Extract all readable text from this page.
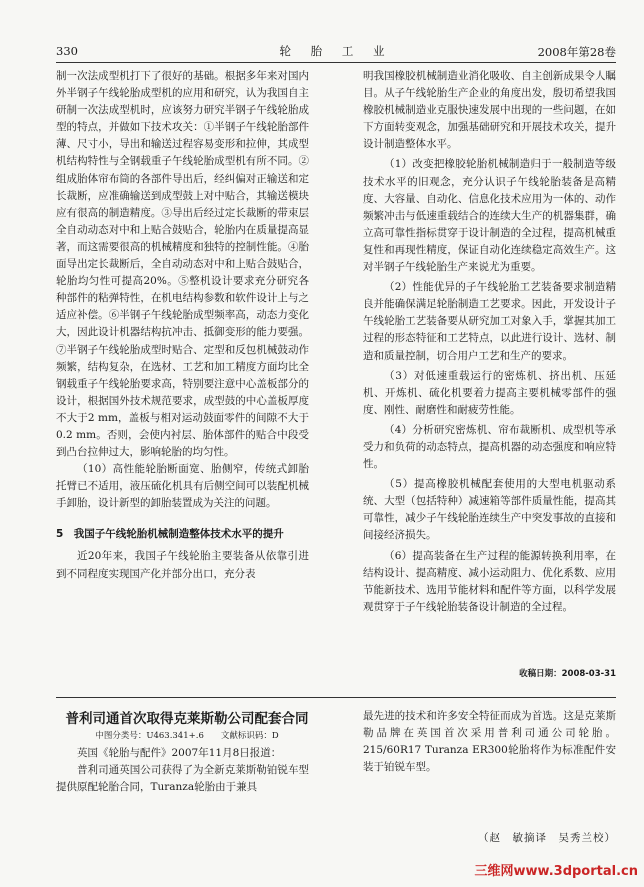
330	轮 胎 工 业	2008年第28卷

制一次法成型机打下了很好的基础。根据多年来对国内外半钢子午线轮胎成型机的应用和研究，认为我国自主研制一次法成型机时，应该努力研究半钢子午线轮胎成型的特点，并做如下技术攻关：①半钢子午线轮胎部件薄、尺寸小，导出和输送过程容易变形和拉伸，其成型机结构特性与全钢载重子午线轮胎成型机有所不同。②组成胎体帘布筒的各部件导出后，经纠偏对正输送和定长裁断，应准确输送到成型鼓上对中贴合，其输送模块应有很高的制造精度。③导出后经过定长裁断的带束层全自动动态对中和上贴合鼓贴合，轮胎内在质量提高显著，而这需要很高的机械精度和独特的控制性能。④胎面导出定长裁断后，全自动动态对中和上贴合鼓贴合，轮胎均匀性可提高20%。⑤整机设计要求充分研究各种部件的粘弹特性，在机电结构参数和软件设计上与之适应补偿。⑥半钢子午线轮胎成型频率高，动态力变化大，因此设计机器结构抗冲击、抵御变形的能力要强。⑦半钢子午线轮胎成型时贴合、定型和反包机械鼓动作频繁，结构复杂，在选材、工艺和加工精度方面均比全钢载重子午线轮胎要求高，特别要注意中心盖板部分的设计，根据国外技术规范要求，成型鼓的中心盖板厚度不大于2 mm，盖板与相对运动鼓面零件的间隙不大于0.2 mm。否则，会使内衬层、胎体部件的贴合中段受到凸台拉伸过大，影响轮胎的均匀性。

（10）高性能轮胎断面宽、胎侧窄，传统式卸胎托臂已不适用，液压硫化机具有后侧空间可以装配机械手卸胎，设计新型的卸胎装置成为关注的问题。

5　我国子午线轮胎机械制造整体技术水平的提升

近20年来，我国子午线轮胎主要装备从依靠引进到不同程度实现国产化并部分出口，充分表

明我国橡胶机械制造业消化吸收、自主创新成果令人瞩目。从子午线轮胎生产企业的角度出发，殷切希望我国橡胶机械制造业克服快速发展中出现的一些问题，在如下方面转变观念，加强基础研究和开展技术攻关，提升设计制造整体水平。

（1）改变把橡胶轮胎机械制造归于一般制造等级技术水平的旧观念，充分认识子午线轮胎装备是高精度、大容量、自动化、信息化技术应用为一体的、动作频繁冲击与低速重载结合的连续大生产的机器集群，确立高可靠性指标贯穿于设计制造的全过程，提高机械重复性和再现性精度，保证自动化连续稳定高效生产。这对半钢子午线轮胎生产来说尤为重要。

（2）性能优异的子午线轮胎工艺装备要求制造精良并能确保满足轮胎制造工艺要求。因此，开发设计子午线轮胎工艺装备要从研究加工对象入手，掌握其加工过程的形态特征和工艺特点，以此进行设计、选材、制造和质量控制，切合用户工艺和生产的要求。

（3）对低速重载运行的密炼机、挤出机、压延机、开炼机、硫化机要着力提高主要机械零部件的强度、刚性、耐磨性和耐疲劳性能。

（4）分析研究密炼机、帘布裁断机、成型机等承受力和负荷的动态特点，提高机器的动态强度和响应特性。

（5）提高橡胶机械配套使用的大型电机驱动系统、大型（包括特种）减速箱等部件质量性能，提高其可靠性，减少子午线轮胎连续生产中突发事故的直接和间接经济损失。

（6）提高装备在生产过程的能源转换利用率，在结构设计、提高精度、减小运动阻力、优化系数、应用节能新技术、选用节能材料和配件等方面，以科学发展观贯穿于子午线轮胎装备设计制造的全过程。

收稿日期：2008-03-31
普利司通首次取得克莱斯勒公司配套合同
中图分类号：U463.341+.6　　文献标识码：D

英国《轮胎与配件》2007年11月8日报道：

普利司通英国公司获得了为全新克莱斯勒铂锐车型提供原配轮胎合同，Turanza轮胎由于兼具

最先进的技术和许多安全特征而成为首选。这是克莱斯勒品牌在英国首次采用普利司通公司轮胎。215/60R17 Turanza ER300轮胎将作为标准配件安装于铂锐车型。

（赵　敏摘译　吴秀兰校）
三维网www.3dportal.cn
